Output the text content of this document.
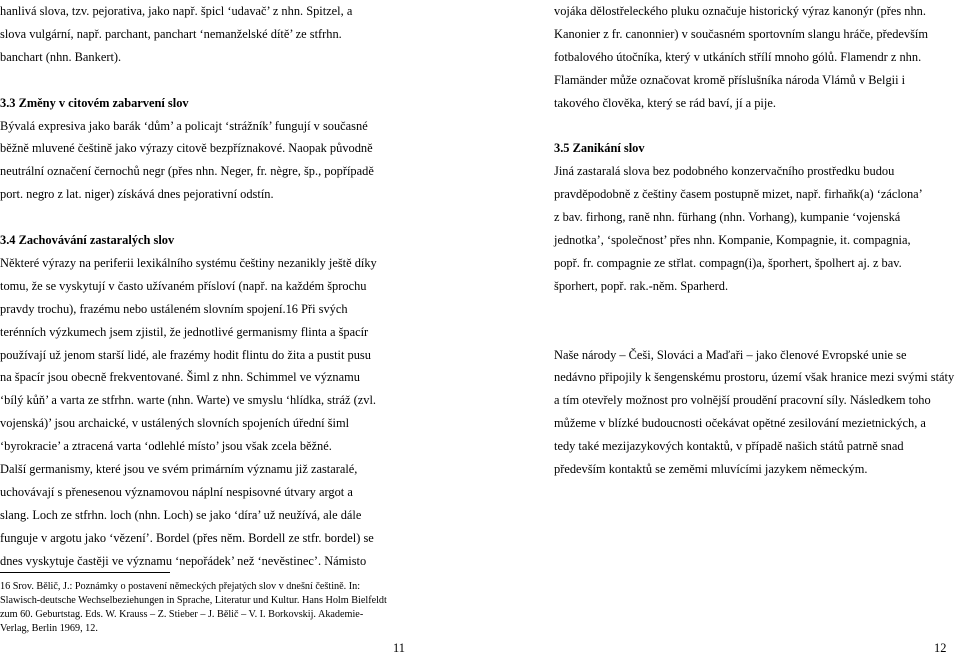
hanlivá slova, tzv. pejorativa, jako např. špicl ‘udavač’ z nhn. Spitzel, a
slova vulgární, např. parchant, panchart ‘nemanželské dítě’ ze stfrhn.
banchart (nhn. Bankert).
3.3 Změny v citovém zabarvení slov
Bývalá expresiva jako barák ‘dům’ a policajt ‘strážník’ fungují v současné
běžně mluvené češtině jako výrazy citově bezpříznakové. Naopak původně
neutrální označení černochů negr (přes nhn. Neger, fr. nègre, šp., popřípadě
port. negro z lat. niger) získává dnes pejorativní odstín.
3.4 Zachovávání zastaralých slov
Některé výrazy na periferii lexikálního systému češtiny nezanikly ještě díky
tomu, že se vyskytují v často užívaném přísloví (např. na každém šprochu
pravdy trochu), frazému nebo ustáleném slovním spojení.16 Při svých
terénních výzkumech jsem zjistil, že jednotlivé germanismy flinta a špacír
používají už jenom starší lidé, ale frazémy hodit flintu do žita a pustit pusu
na špacír jsou obecně frekventované. Šiml z nhn. Schimmel ve významu
‘bílý kůň’ a varta ze stfrhn. warte (nhn. Warte) ve smyslu ‘hlídka, stráž (zvl.
vojenská)’ jsou archaické, v ustálených slovních spojeních úřední šiml
‘byrokracie’ a ztracená varta ‘odlehlé místo’ jsou však zcela běžné.
Další germanismy, které jsou ve svém primárním významu již zastaralé,
uchovávají s přenesenou významovou náplní nespisovné útvary argot a
slang. Loch ze stfrhn. loch (nhn. Loch) se jako ‘díra’ už neužívá, ale dále
funguje v argotu jako ‘vězení’. Bordel (přes něm. Bordell ze stfr. bordel) se
dnes vyskytuje častěji ve významu ‘nepořádek’ než ‘nevěstinec’. Námisto
16 Srov. Bělič, J.: Poznámky o postavení německých přejatých slov v dnešní češtině. In:
Slawisch-deutsche Wechselbeziehungen in Sprache, Literatur und Kultur. Hans Holm Bielfeldt
zum 60. Geburtstag. Eds. W. Krauss – Z. Stieber – J. Bělič – V. I. Borkovskij. Akademie-
Verlag, Berlin 1969, 12.
11
vojáka dělostřeleckého pluku označuje historický výraz kanonýr (přes nhn.
Kanonier z fr. canonnier) v současném sportovním slangu hráče, především
fotbalového útočníka, který v utkáních střílí mnoho gólů. Flamendr z nhn.
Flamänder může označovat kromě příslušníka národa Vlámů v Belgii i
takového člověka, který se rád baví, jí a pije.
3.5 Zanikání slov
Jiná zastaralá slova bez podobného konzervačního prostředku budou
pravděpodobně z češtiny časem postupně mizet, např. firhaňk(a) ‘záclona’
z bav. firhong, raně nhn. fürhang (nhn. Vorhang), kumpanie ‘vojenská
jednotka’, ‘společnost’ přes nhn. Kompanie, Kompagnie, it. compagnia,
popř. fr. compagnie ze střlat. compagn(i)a, šporhert, špolhert aj. z bav.
šporhert, popř. rak.-něm. Sparherd.
Naše národy – Češi, Slováci a Maďaři – jako členové Evropské unie se
nedávno připojily k šengenskému prostoru, území však hranice mezi svými státy
a tím otevřely možnost pro volnější proudění pracovní síly. Následkem toho
můžeme v blízké budoucnosti očekávat opětné zesilování mezietnických, a
tedy také mezijazykových kontaktů, v případě našich států patrně snad
především kontaktů se zeměmi mluvícími jazykem německým.
12
